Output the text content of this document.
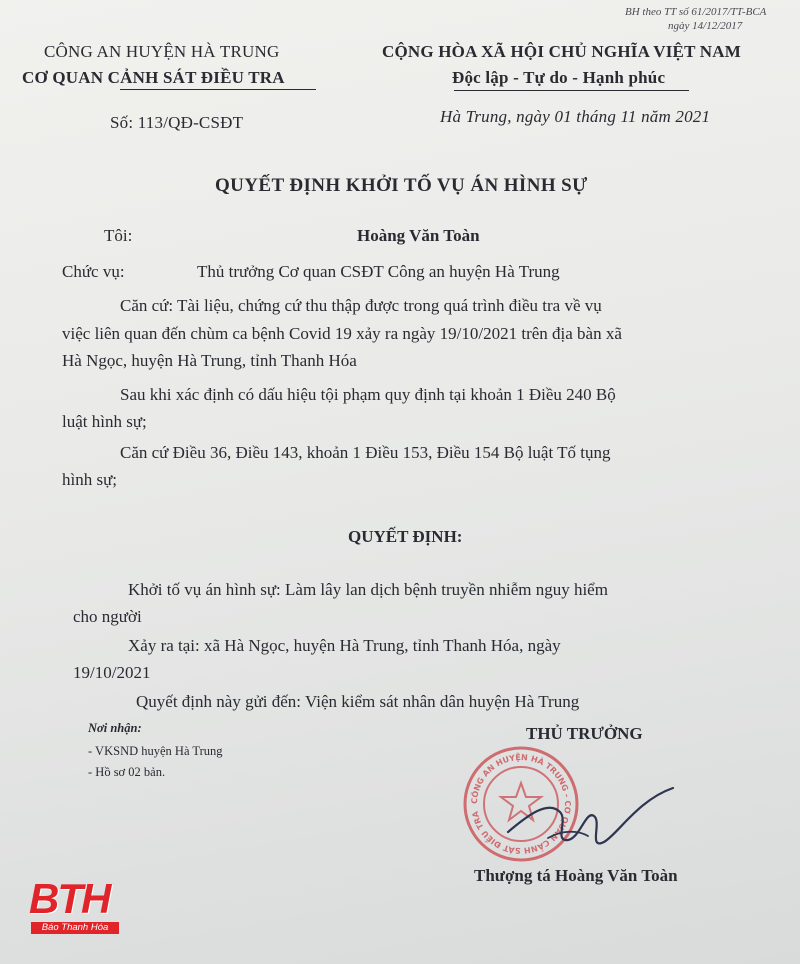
BH theo TT số 61/2017/TT-BCA
ngày 14/12/2017
CÔNG AN HUYỆN HÀ TRUNG
CƠ QUAN CẢNH SÁT ĐIỀU TRA
Số: 113/QĐ-CSĐT
CỘNG HÒA XÃ HỘI CHỦ NGHĨA VIỆT NAM
Độc lập - Tự do - Hạnh phúc
Hà Trung, ngày 01 tháng 11 năm 2021
QUYẾT ĐỊNH KHỞI TỐ VỤ ÁN HÌNH SỰ
Tôi:	Hoàng Văn Toàn
Chức vụ:	Thủ trưởng Cơ quan CSĐT Công an huyện Hà Trung
Căn cứ: Tài liệu, chứng cứ thu thập được trong quá trình điều tra về vụ
việc liên quan đến chùm ca bệnh Covid 19 xảy ra ngày 19/10/2021 trên địa bàn xã
Hà Ngọc, huyện Hà Trung, tỉnh Thanh Hóa
Sau khi xác định có dấu hiệu tội phạm quy định tại khoản 1 Điều 240 Bộ
luật hình sự;
Căn cứ Điều 36, Điều 143, khoản 1 Điều 153, Điều 154 Bộ luật Tố tụng
hình sự;
QUYẾT ĐỊNH:
Khởi tố vụ án hình sự: Làm lây lan dịch bệnh truyền nhiễm nguy hiểm
cho người
Xảy ra tại: xã Hà Ngọc, huyện Hà Trung, tỉnh Thanh Hóa, ngày
19/10/2021
Quyết định này gửi đến: Viện kiểm sát nhân dân huyện Hà Trung
Nơi nhận:
- VKSND huyện Hà Trung
- Hồ sơ 02 bản.
THỦ TRƯỞNG
CÔNG AN HUYỆN HÀ TRUNG - CƠ QUAN CẢNH SÁT ĐIỀU TRA
Thượng tá Hoàng Văn Toàn
BTH
Báo Thanh Hóa
